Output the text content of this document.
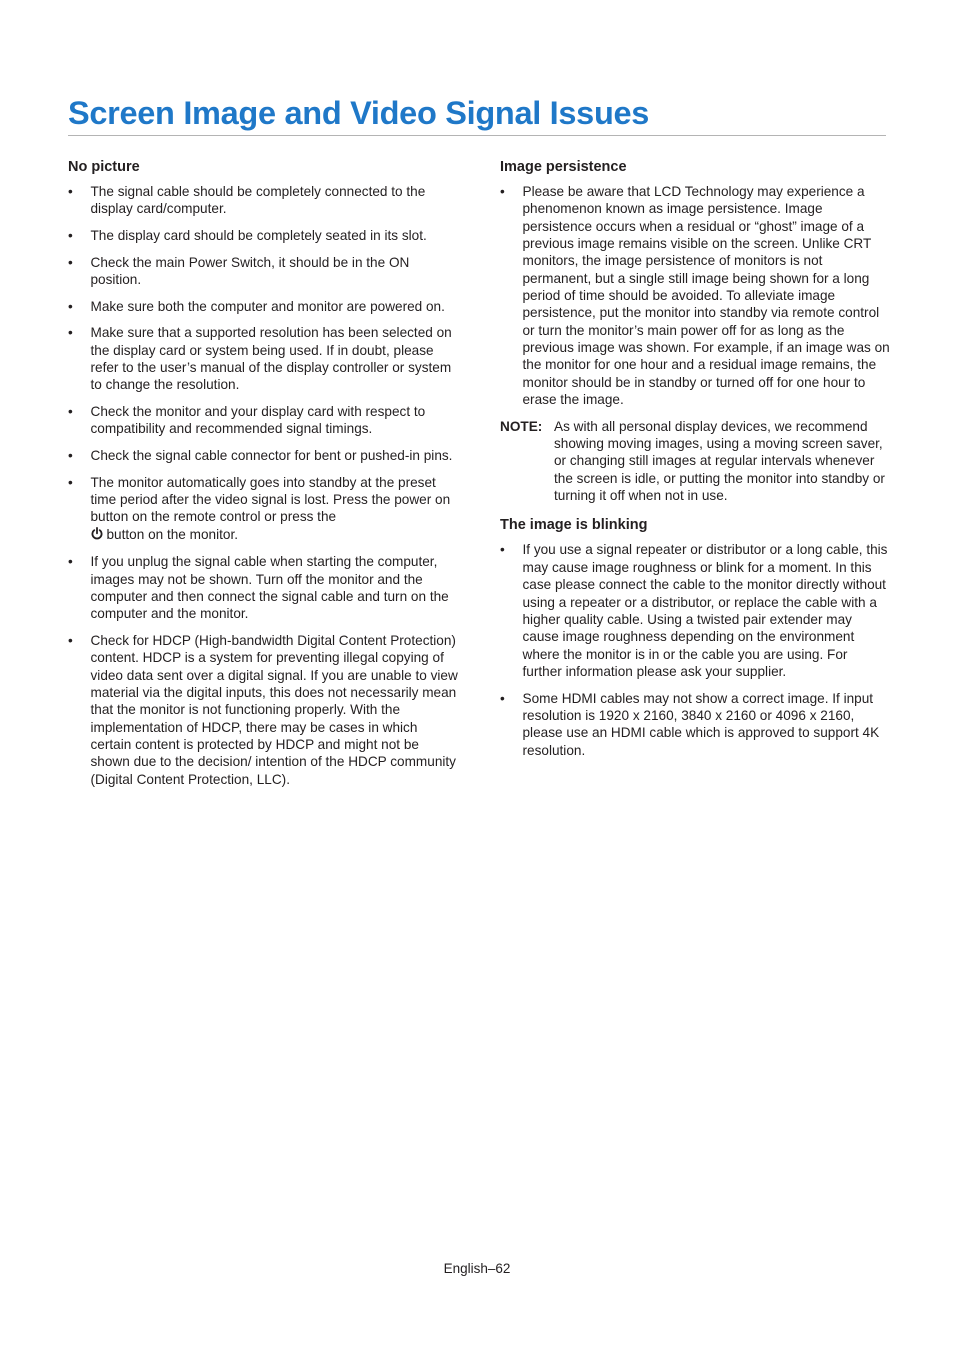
Screen Image and Video Signal Issues
No picture
• The signal cable should be completely connected to the display card/computer.
• The display card should be completely seated in its slot.
• Check the main Power Switch, it should be in the ON position.
• Make sure both the computer and monitor are powered on.
• Make sure that a supported resolution has been selected on the display card or system being used. If in doubt, please refer to the user’s manual of the display controller or system to change the resolution.
• Check the monitor and your display card with respect to compatibility and recommended signal timings.
• Check the signal cable connector for bent or pushed-in pins.
• The monitor automatically goes into standby at the preset time period after the video signal is lost. Press the power on button on the remote control or press the
button on the monitor.
• If you unplug the signal cable when starting the computer, images may not be shown. Turn off the monitor and the computer and then connect the signal cable and turn on the computer and the monitor.
• Check for HDCP (High-bandwidth Digital Content Protection) content. HDCP is a system for preventing illegal copying of video data sent over a digital signal. If you are unable to view material via the digital inputs, this does not necessarily mean that the monitor is not functioning properly. With the implementation of HDCP, there may be cases in which certain content is protected by HDCP and might not be shown due to the decision/ intention of the HDCP community (Digital Content Protection, LLC).
Image persistence
• Please be aware that LCD Technology may experience a phenomenon known as image persistence. Image persistence occurs when a residual or “ghost” image of a previous image remains visible on the screen. Unlike CRT monitors, the image persistence of monitors is not permanent, but a single still image being shown for a long period of time should be avoided. To alleviate image persistence, put the monitor into standby via remote control or turn the monitor’s main power off for as long as the previous image was shown. For example, if an image was on the monitor for one hour and a residual image remains, the monitor should be in standby or turned off for one hour to erase the image.
NOTE: As with all personal display devices, we recommend showing moving images, using a moving screen saver, or changing still images at regular intervals whenever the screen is idle, or putting the monitor into standby or turning it off when not in use.
The image is blinking
• If you use a signal repeater or distributor or a long cable, this may cause image roughness or blink for a moment. In this case please connect the cable to the monitor directly without using a repeater or a distributor, or replace the cable with a higher quality cable. Using a twisted pair extender may cause image roughness depending on the environment where the monitor is in or the cable you are using. For further information please ask your supplier.
• Some HDMI cables may not show a correct image. If input resolution is 1920 x 2160, 3840 x 2160 or 4096 x 2160, please use an HDMI cable which is approved to support 4K resolution.
English–62
